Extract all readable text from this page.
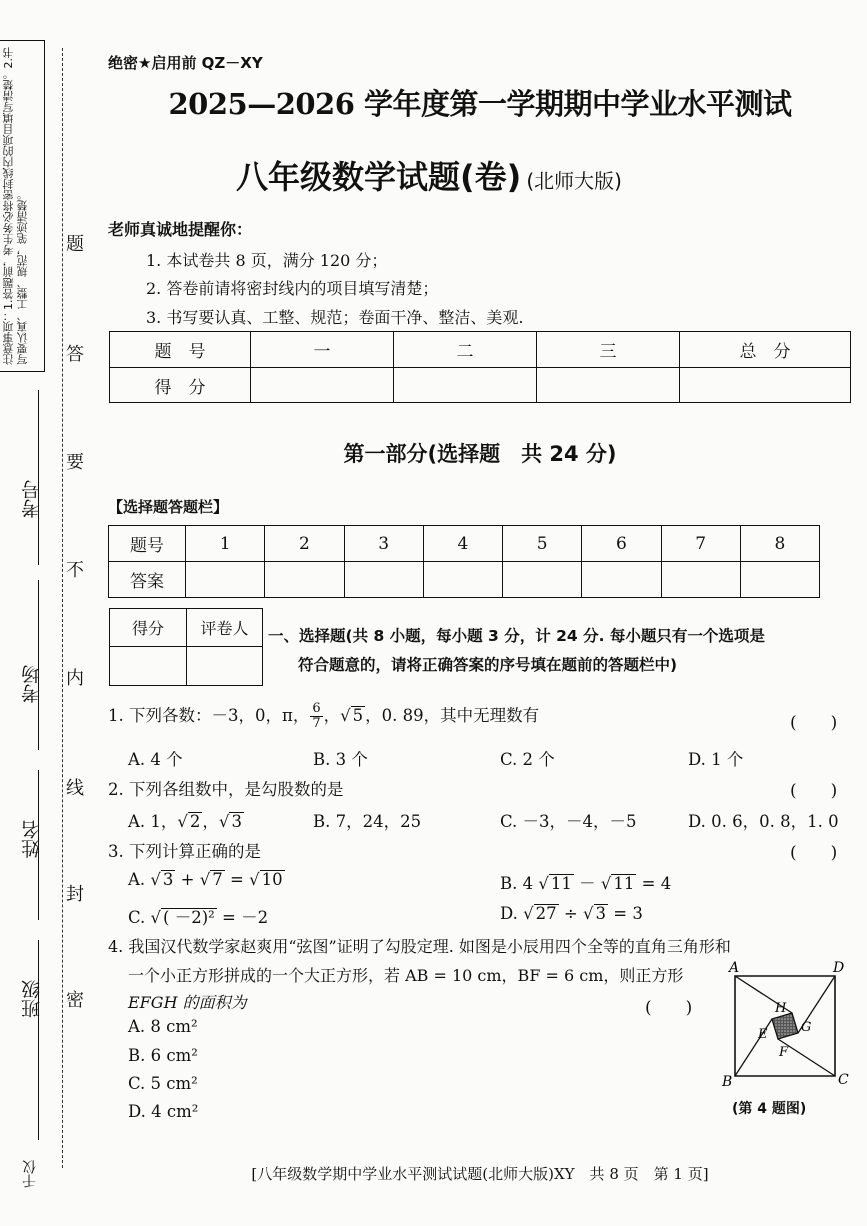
注意事项：1.答题前，考生务必将密封线内的项目填写清楚。2.书写要认真、工整、规范，笔迹清楚。
考号
考场
姓名
班级
千仪
题
答
要
不
内
线
封
密
绝密★启用前 QZ－XY
2025—2026 学年度第一学期期中学业水平测试
八年级数学试题(卷) (北师大版)
老师真诚地提醒你：
1. 本试卷共 8 页，满分 120 分；
2. 答卷前请将密封线内的项目填写清楚；
3. 书写要认真、工整、规范；卷面干净、整洁、美观.
题　号	一	二	三	总　分
得　分				
第一部分(选择题　共 24 分)
【选择题答题栏】
题号	1	2	3	4	5	6	7	8
答案								
得分	评卷人
	一、选择题(共 8 小题，每小题 3 分，计 24 分. 每小题只有一个选项是
符合题意的，请将正确答案的序号填在题前的答题栏中)
1. 下列各数：－3，0，π， $\frac{6}{7}$ ，√ 5 ，0. 89，其中无理数有	(　　)
A. 4 个	B. 3 个	C. 2 个	D. 1 个
2. 下列各组数中，是勾股数的是	(　　)
A. 1，√ 2 ，√ 3	B. 7，24，25	C. －3，－4，－5	D. 0. 6，0. 8，1. 0
3. 下列计算正确的是	(　　)
A. √ 3 + √ 7 = √ 10	B. 4 √ 11 － √ 11 = 4
C. √ ( －2)² = －2	D. √ 27 ÷ √ 3 = 3
4. 我国汉代数学家赵爽用“弦图”证明了勾股定理. 如图是小辰用四个全等的直角三角形和
一个小正方形拼成的一个大正方形，若 AB = 10 cm，BF = 6 cm，则正方形
EFGH 的面积为	(　　)
A. 8 cm²
B. 6 cm²
C. 5 cm²
D. 4 cm²
A	D
B	C
E
F
G
H
(第 4 题图)
[八年级数学期中学业水平测试试题(北师大版)XY　共 8 页　第 1 页]
